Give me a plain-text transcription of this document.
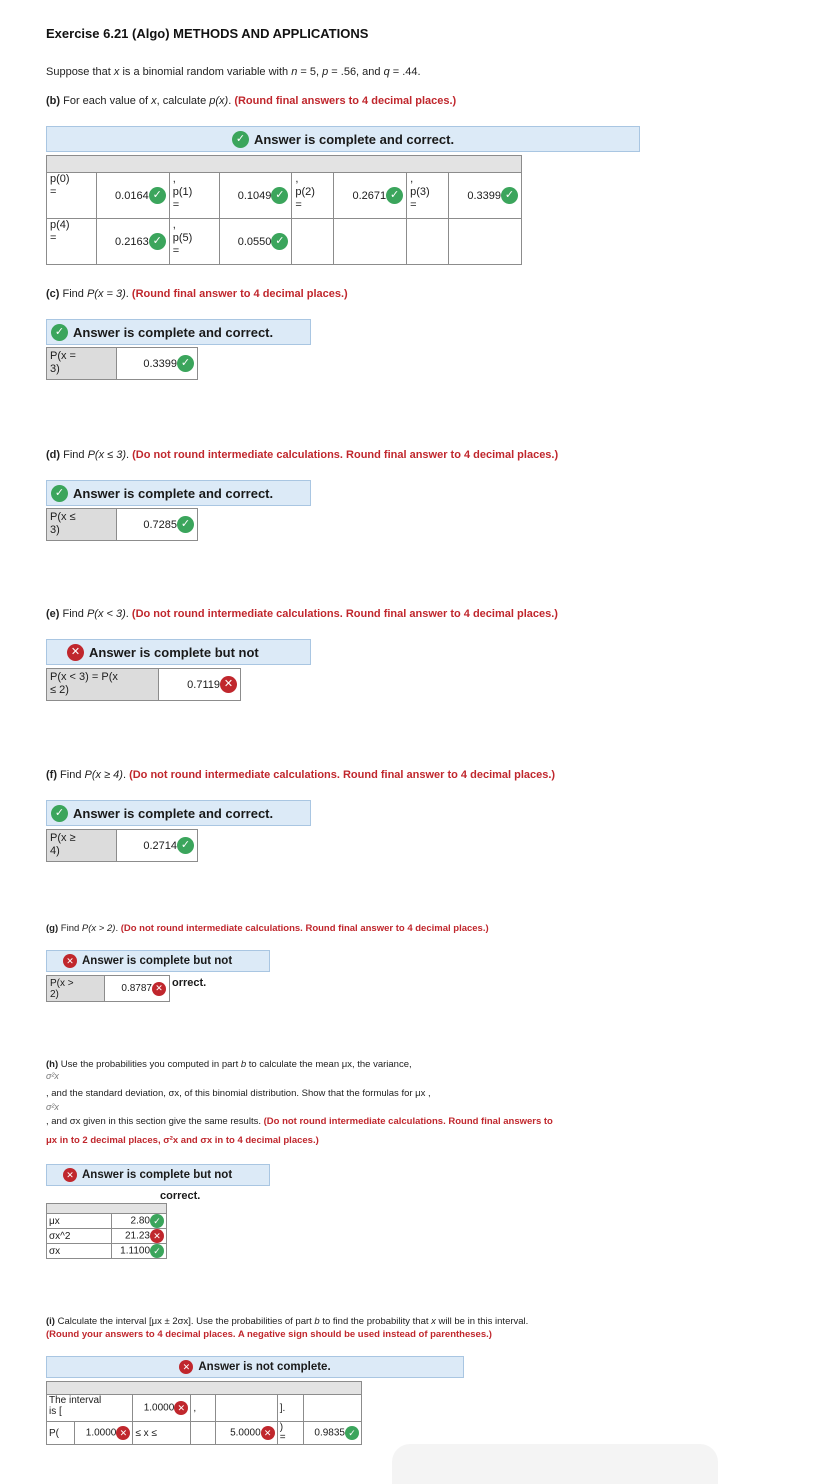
Exercise 6.21 (Algo) METHODS AND APPLICATIONS
Suppose that x is a binomial random variable with n = 5, p = .56, and q = .44.
(b) For each value of x, calculate p(x). (Round final answers to 4 decimal places.)
✓ Answer is complete and correct.

p(0)
=	0.0164 ✓	,
p(1)
=	0.1049 ✓	,
p(2)
=	0.2671 ✓	,
p(3)
=	0.3399 ✓

p(4)
=	0.2163 ✓	,
p(5)
=	0.0550 ✓				

(c) Find P(x = 3). (Round final answer to 4 decimal places.)
✓ Answer is complete and correct.
P(x =
3)	0.3399 ✓
(d) Find P(x ≤ 3). (Do not round intermediate calculations. Round final answer to 4 decimal places.)
✓ Answer is complete and correct.
P(x ≤
3)	0.7285 ✓
(e) Find P(x < 3). (Do not round intermediate calculations. Round final answer to 4 decimal places.)
✕ Answer is complete but not
P(x < 3) = P(x
≤ 2)	0.7119 ✕
(f) Find P(x ≥ 4). (Do not round intermediate calculations. Round final answer to 4 decimal places.)
✓ Answer is complete and correct.
P(x ≥
4)	0.2714 ✓
(g) Find P(x > 2). (Do not round intermediate calculations. Round final answer to 4 decimal places.)
✕ Answer is complete but not
orrect.
P(x >
2)
0.8787 ✕
(h) Use the probabilities you computed in part b to calculate the mean μx, the variance,
σ²x
, and the standard deviation, σx, of this binomial distribution. Show that the formulas for μx ,
σ²x
, and σx given in this section give the same results. (Do not round intermediate calculations. Round final answers to
μx in to 2 decimal places, σ²x and σx in to 4 decimal places.)
✕ Answer is complete but not
correct.

μx	2.80 ✓
σx^2	21.23 ✕
σx	1.1100 ✓
(i) Calculate the interval [μx ± 2σx]. Use the probabilities of part b to find the probability that x will be in this interval.
(Round your answers to 4 decimal places. A negative sign should be used instead of parentheses.)
✕ Answer is not complete.

The interval
is [		1.0000 ✕	,		].	
P(	1.0000 ✕	≤ x ≤		5.0000 ✕	)
=	0.9835 ✓
